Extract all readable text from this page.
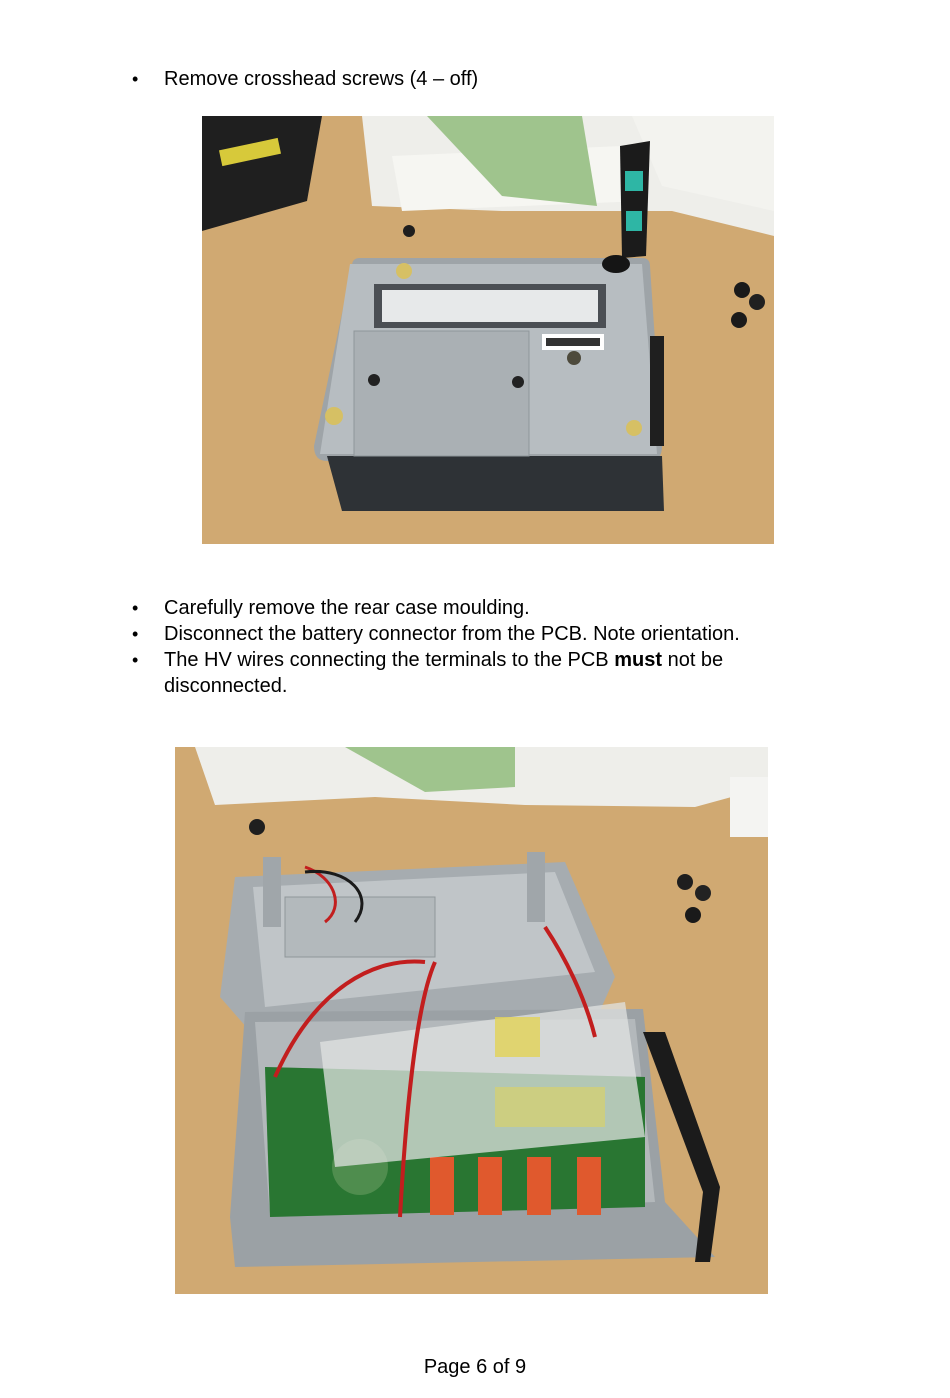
• Remove crosshead screws (4 – off)
• Carefully remove the rear case moulding.
• Disconnect the battery connector from the PCB. Note orientation.
• The HV wires connecting the terminals to the PCB must not be disconnected.
Page 6 of 9
